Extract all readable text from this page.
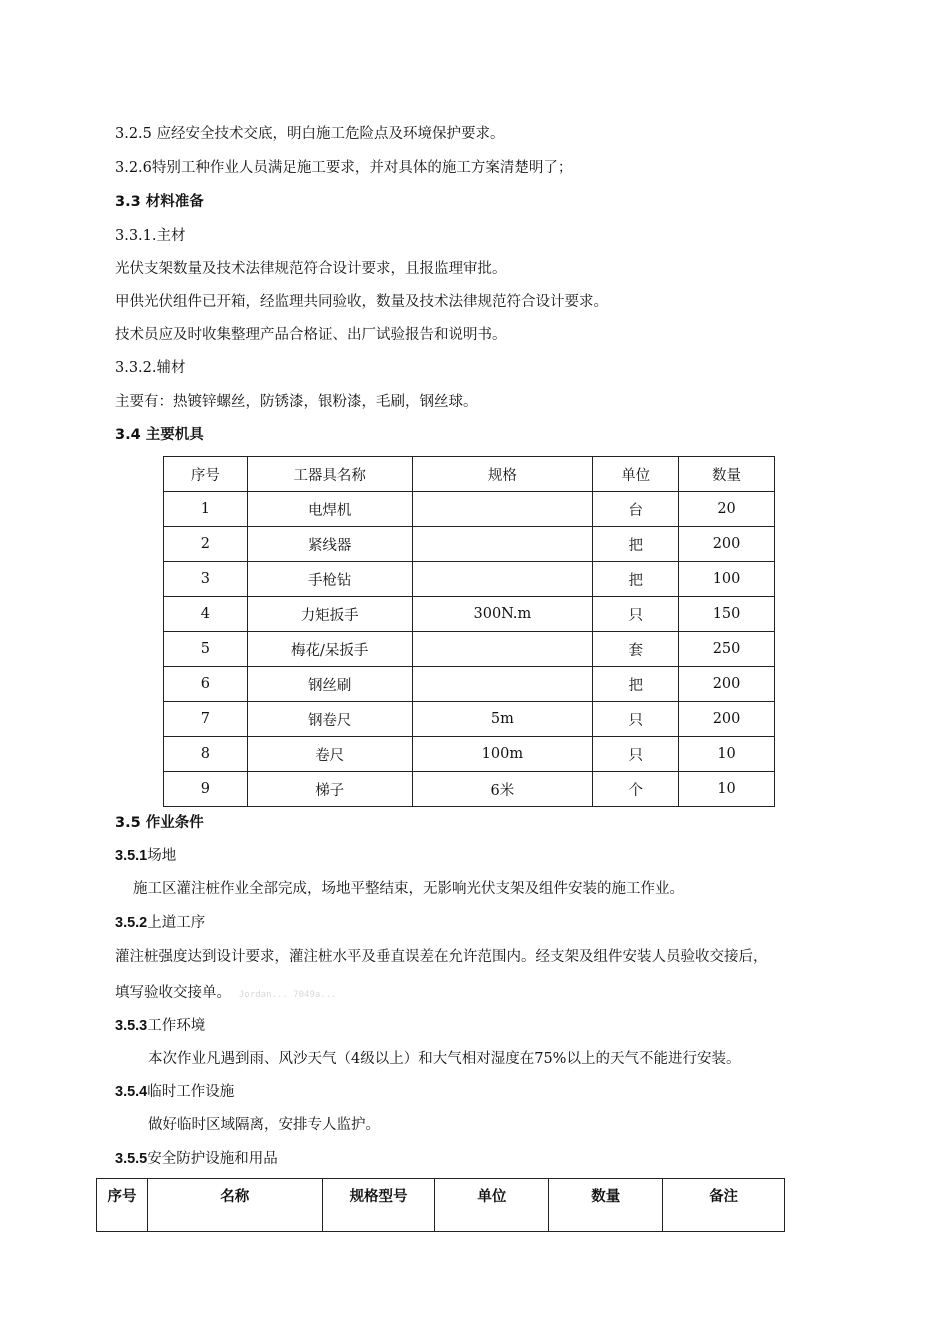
3.2.5 应经安全技术交底，明白施工危险点及环境保护要求。
3.2.6特别工种作业人员满足施工要求，并对具体的施工方案清楚明了；
3.3 材料准备
3.3.1.主材
光伏支架数量及技术法律规范符合设计要求，且报监理审批。
甲供光伏组件已开箱，经监理共同验收，数量及技术法律规范符合设计要求。
技术员应及时收集整理产品合格证、出厂试验报告和说明书。
3.3.2.辅材
主要有：热镀锌螺丝，防锈漆，银粉漆，毛刷，钢丝球。
3.4 主要机具
序号	工器具名称	规格	单位	数量
1	电焊机		台	20
2	紧线器		把	200
3	手枪钻		把	100
4	力矩扳手	300N.m	只	150
5	梅花/呆扳手		套	250
6	钢丝刷		把	200
7	钢卷尺	5m	只	200
8	卷尺	100m	只	10
9	梯子	6米	个	10
3.5 作业条件
3.5.1场地
施工区灌注桩作业全部完成，场地平整结束，无影响光伏支架及组件安装的施工作业。
3.5.2上道工序
灌注桩强度达到设计要求，灌注桩水平及垂直误差在允许范围内。经支架及组件安装人员验收交接后，
填写验收交接单。 Jordan... 7049a...
3.5.3工作环境
本次作业凡遇到雨、风沙天气（4级以上）和大气相对湿度在75%以上的天气不能进行安装。
3.5.4临时工作设施
做好临时区域隔离，安排专人监护。
3.5.5安全防护设施和用品
序号	名称	规格型号	单位	数量	备注
